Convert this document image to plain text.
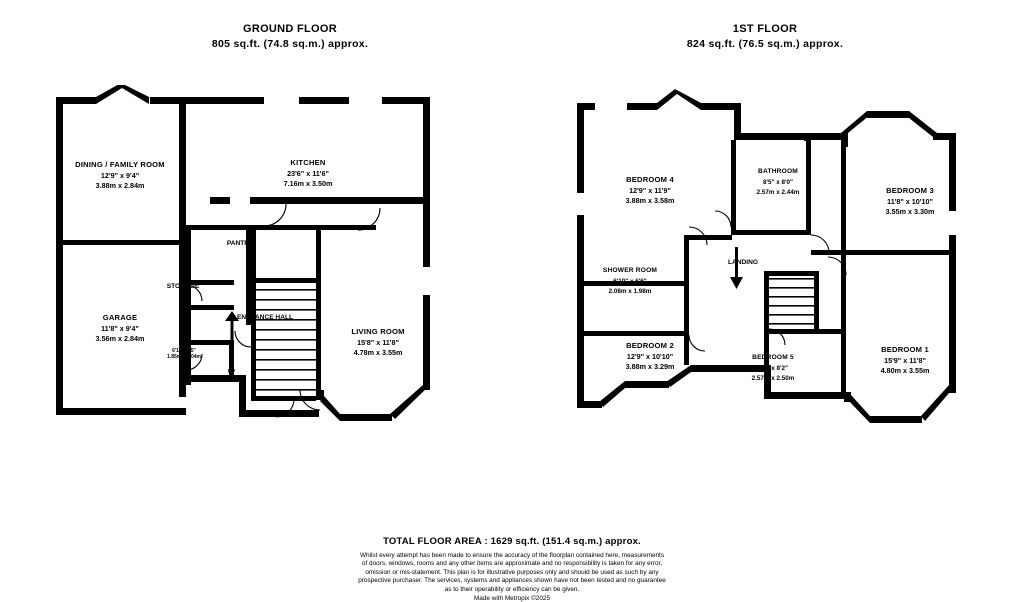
GROUND FLOOR
805 sq.ft. (74.8 sq.m.) approx.
1ST FLOOR
824 sq.ft. (76.5 sq.m.) approx.
DINING / FAMILY ROOM
12'9" x 9'4"
3.88m x 2.84m
KITCHEN
23'6" x 11'6"
7.16m x 3.50m
GARAGE
11'8" x 9'4"
3.56m x 2.84m
LIVING ROOM
15'8" x 11'8"
4.78m x 3.55m
WC
6'1" x 3'5"
1.85m x 1.04m
PANTRY
STORAGE
ENTRANCE HALL
UP
BEDROOM 4
12'9" x 11'9"
3.88m x 3.58m
BATHROOM
8'5" x 8'0"
2.57m x 2.44m	BEDROOM 3
11'8" x 10'10"
3.55m x 3.30m
SHOWER ROOM
6'10" x 6'6"
2.08m x 1.98m
BEDROOM 2
12'9" x 10'10"
3.88m x 3.29m
BEDROOM 5
8'5" x 8'2"
2.57m x 2.50m
BEDROOM 1
15'9" x 11'8"
4.80m x 3.55m
LANDING
TOTAL FLOOR AREA : 1629 sq.ft. (151.4 sq.m.) approx.
Whilst every attempt has been made to ensure the accuracy of the floorplan contained here, measurements
of doors, windows, rooms and any other items are approximate and no responsibility is taken for any error,
omission or mis-statement. This plan is for illustrative purposes only and should be used as such by any
prospective purchaser. The services, systems and appliances shown have not been tested and no guarantee
as to their operability or efficiency can be given.
Made with Metropix ©2025
